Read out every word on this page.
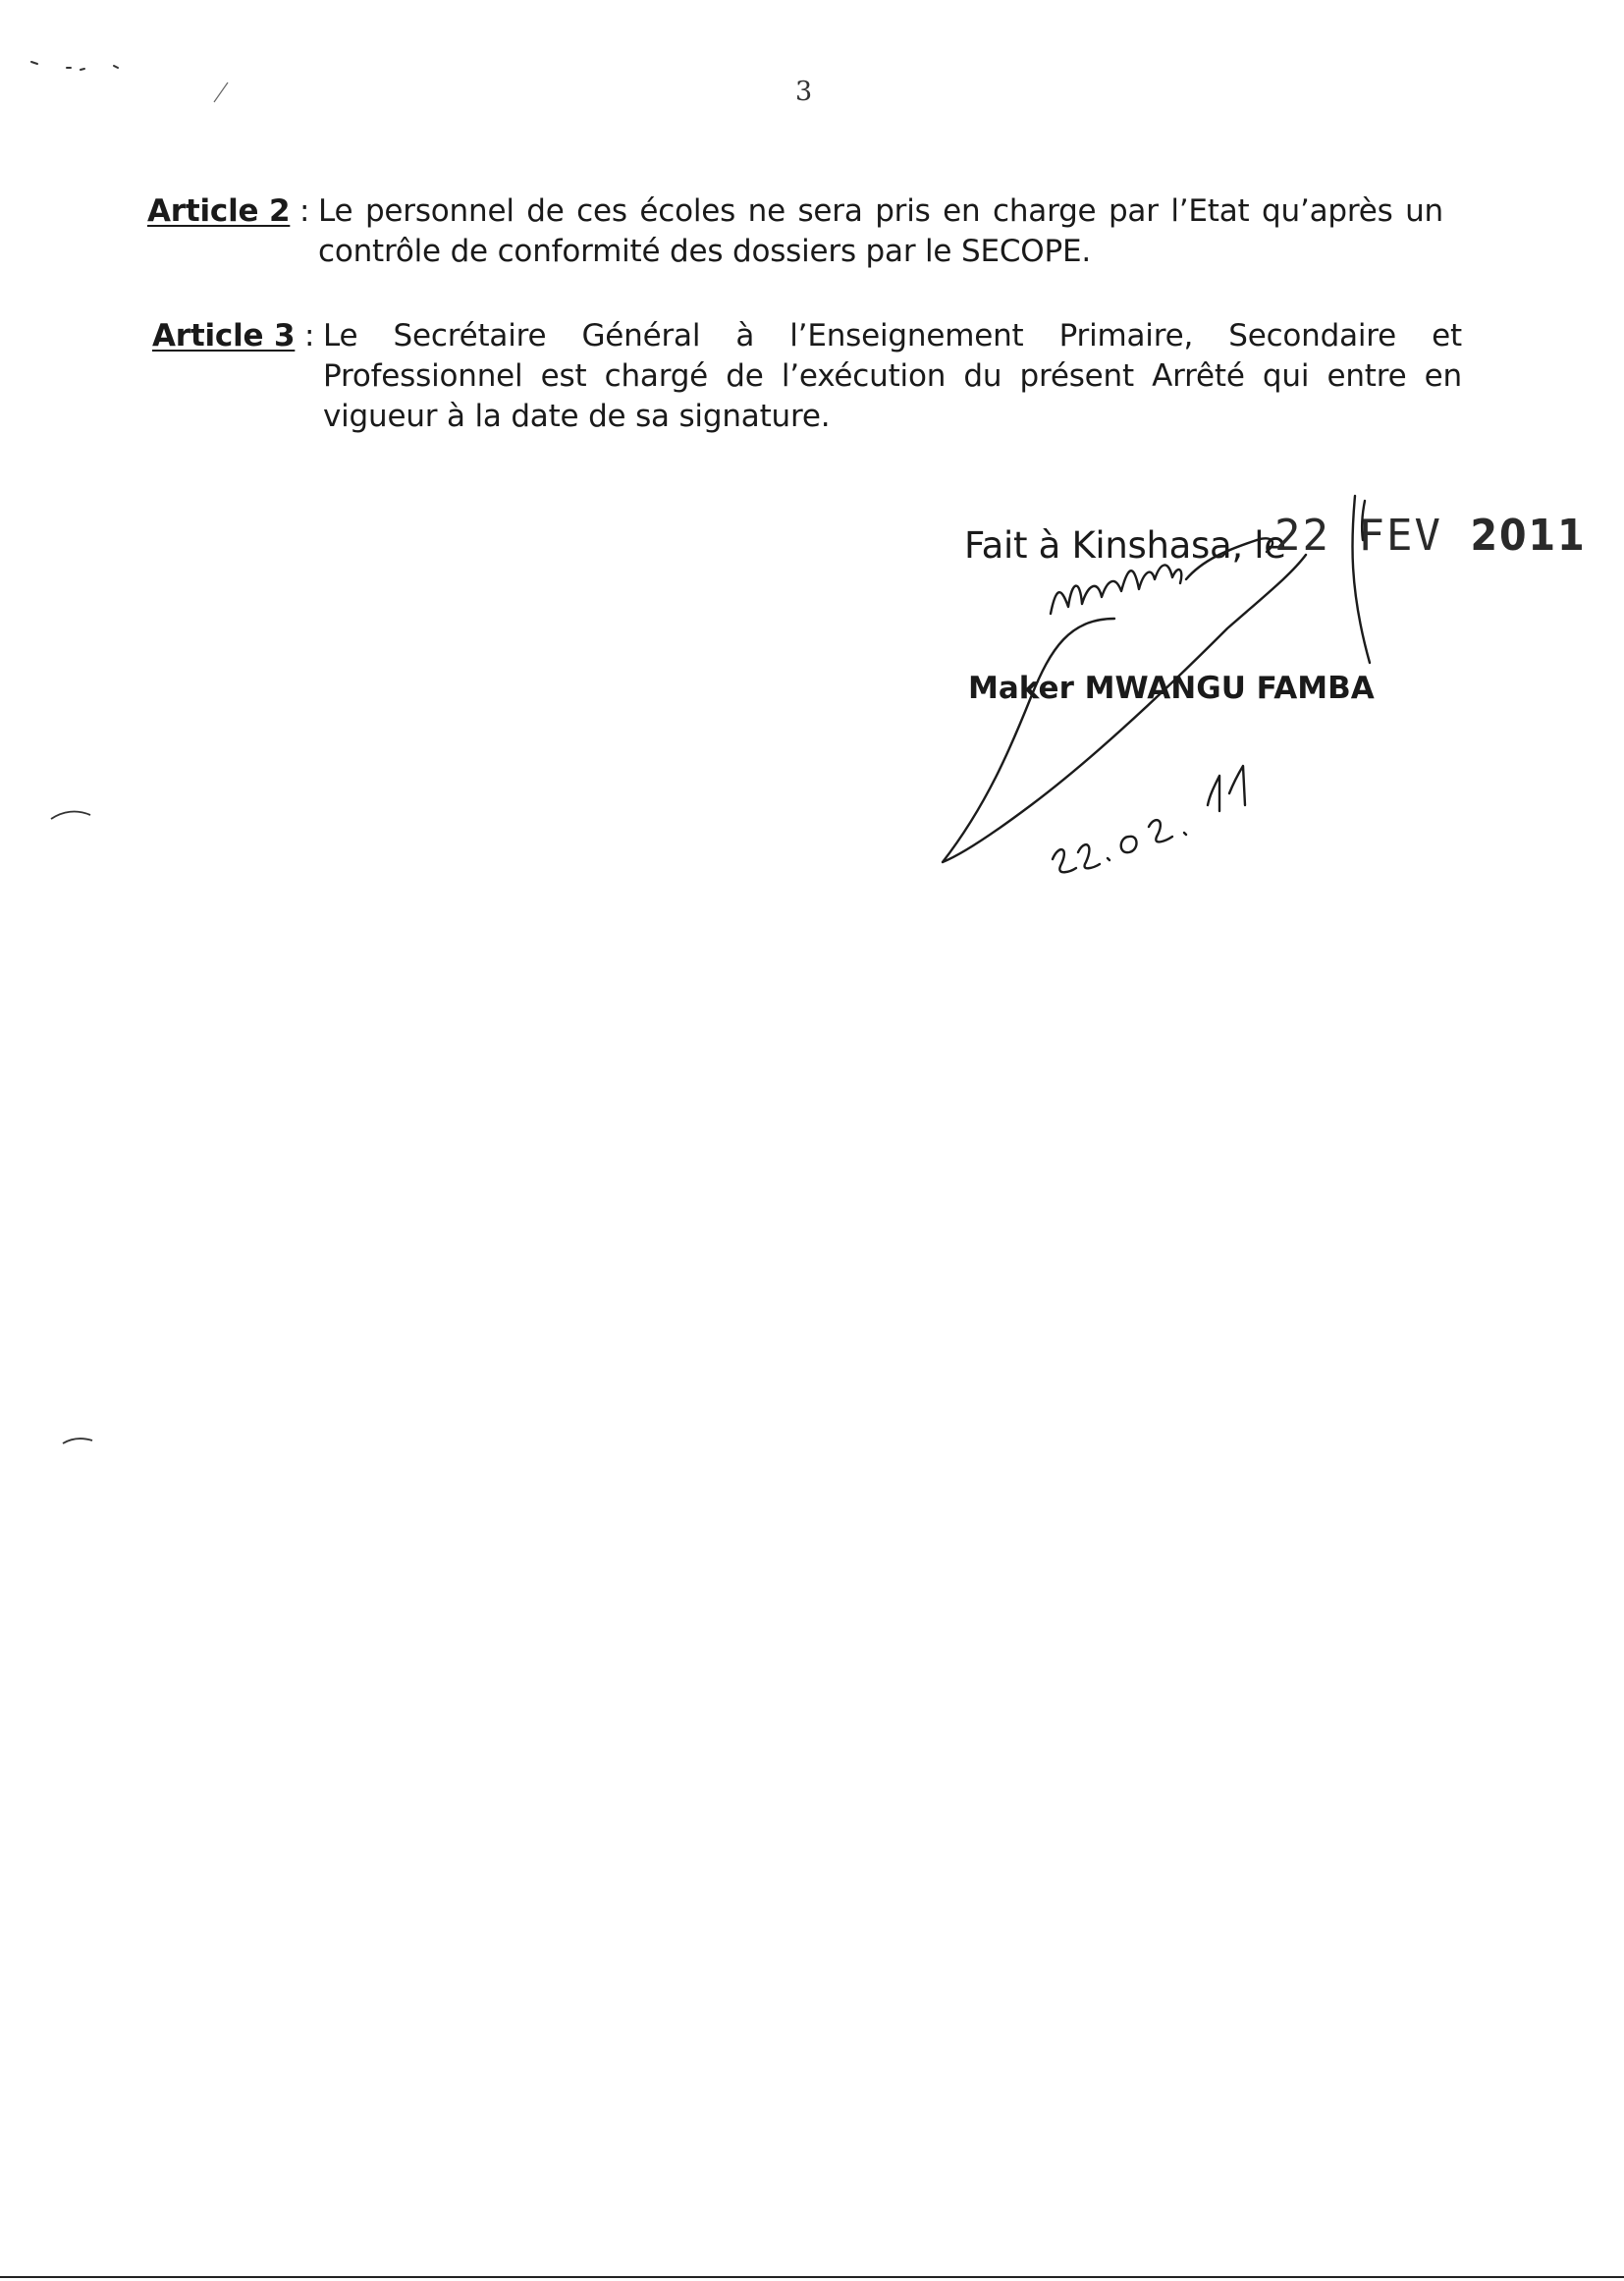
3
Article 2 : Le personnel de ces écoles ne sera pris en charge par l’Etat qu’après un contrôle de conformité des dossiers par le SECOPE.
Article 3 : Le Secrétaire Général à l’Enseignement Primaire, Secondaire et Professionnel est chargé de l’exécution du présent Arrêté qui entre en vigueur à la date de sa signature.
Fait à Kinshasa, le
22 FEV 2011
Maker MWANGU FAMBA
